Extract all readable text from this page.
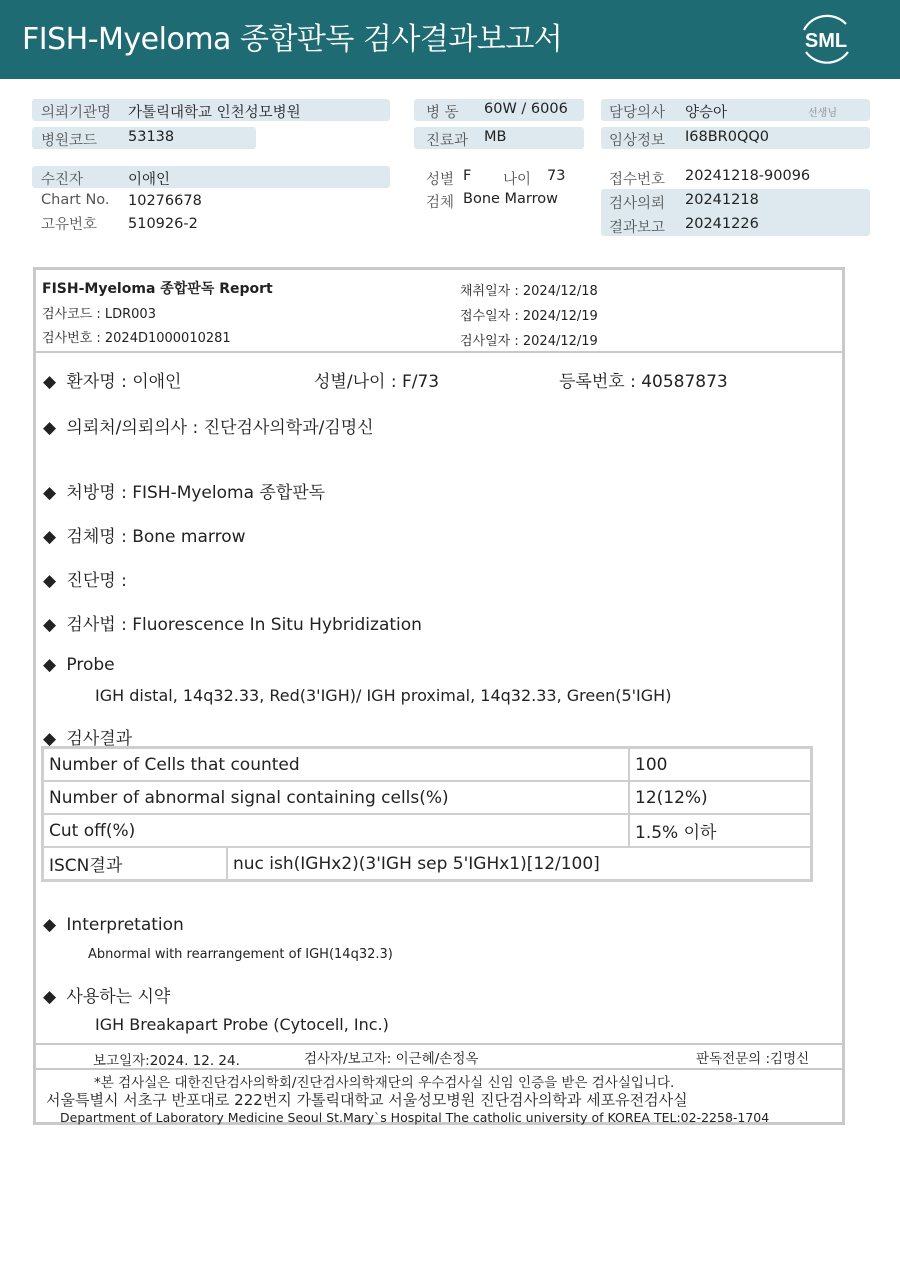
FISH-Myeloma 종합판독 검사결과보고서	SML
의뢰기관명 가톨릭대학교 인천성모병원
병원코드 53138
병 동 60W / 6006
진료과 MB
담당의사 양승아	선생님
임상정보 I68BR0QQ0
수진자	이애인
Chart No. 10276678
고유번호 510926-2
성별 F 나이 73
검체 Bone Marrow
접수번호 20241218-90096
검사의뢰 20241218
결과보고 20241226
FISH-Myeloma 종합판독 Report
검사코드 : LDR003
검사번호 : 2024D1000010281
채취일자 : 2024/12/18
접수일자 : 2024/12/19
검사일자 : 2024/12/19
◆ 환자명 : 이애인	성별/나이 : F/73	등록번호 : 40587873
◆ 의뢰처/의뢰의사 : 진단검사의학과/김명신
◆ 처방명 : FISH-Myeloma 종합판독
◆ 검체명 : Bone marrow
◆ 진단명 :
◆ 검사법 : Fluorescence In Situ Hybridization
◆ Probe
IGH distal, 14q32.33, Red(3'IGH)/ IGH proximal, 14q32.33, Green(5'IGH)
◆ 검사결과
Number of Cells that counted		100
Number of abnormal signal containing cells(%)		12(12%)
Cut off(%)		1.5% 이하
ISCN결과	nuc ish(IGHx2)(3'IGH sep 5'IGHx1)[12/100]	
◆ Interpretation
Abnormal with rearrangement of IGH(14q32.3)
◆ 사용하는 시약
IGH Breakapart Probe (Cytocell, Inc.)
보고일자:2024. 12. 24.	검사자/보고자: 이근혜/손정옥	판독전문의 :김명신
*본 검사실은 대한진단검사의학회/진단검사의학재단의 우수검사실 신임 인증을 받은 검사실입니다.
서울특별시 서초구 반포대로 222번지 가톨릭대학교 서울성모병원 진단검사의학과 세포유전검사실
Department of Laboratory Medicine Seoul St.Mary`s Hospital The catholic university of KOREA TEL:02-2258-1704
